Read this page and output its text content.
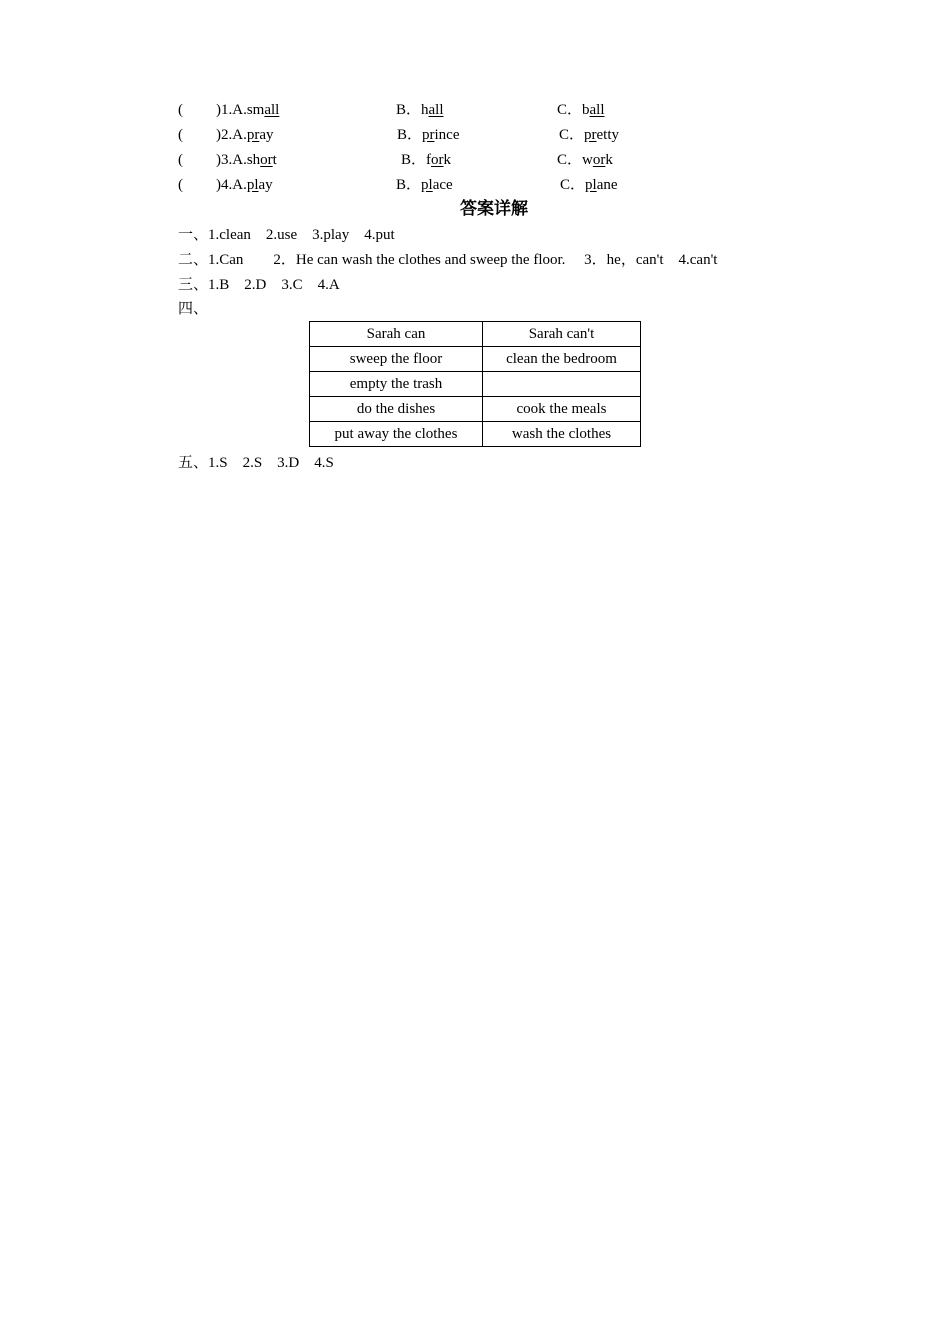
( )1.A.small	B．hall	C．ball
( )2.A.pray	B．prince	C．pretty
( )3.A.short	B．fork	C．work
( )4.A.play	B．place	C．plane
答案详解
一、1.clean　2.use　3.play　4.put
二、1.Can　　2．He can wash the clothes and sweep the floor.　 3．he，can't　4.can't
三、1.B　2.D　3.C　4.A
四、
Sarah can	Sarah can't
sweep the floor	clean the bedroom
empty the trash	
do the dishes	cook the meals
put away the clothes	wash the clothes
五、1.S　2.S　3.D　4.S
